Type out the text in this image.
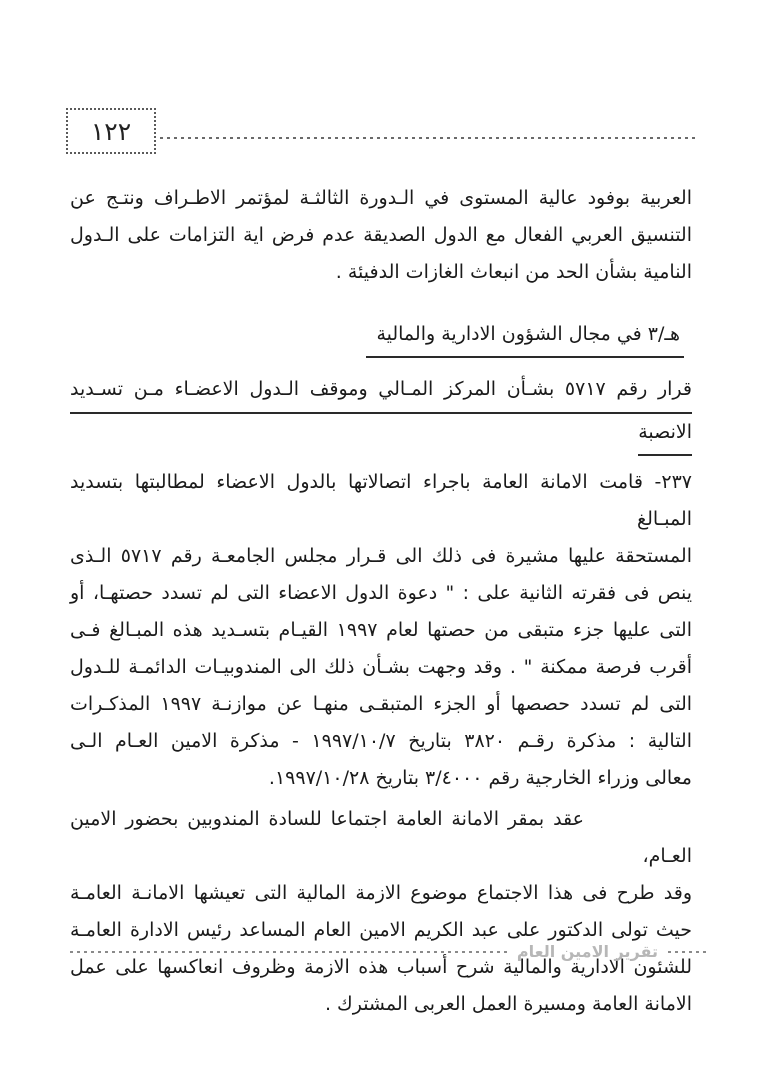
١٢٢
العربية بوفود عالية المستوى في الـدورة الثالثـة لمؤتمر الاطـراف ونتـج عن
التنسيق العربي الفعال مع الدول الصديقة عدم فرض اية التزامات على الـدول
النامية بشأن الحد من انبعاث الغازات الدفيئة .
هـ/٣ في مجال الشؤون الادارية والمالية
قرار رقم ٥٧١٧ بشـأن المركز المـالي وموقف الـدول الاعضـاء مـن تسـديد
الانصبة
٢٣٧- قامت الامانة العامة باجراء اتصالاتها بالدول الاعضاء لمطالبتها بتسديد المبـالغ
المستحقة عليها مشيرة فى ذلك الى قـرار مجلس الجامعـة رقم ٥٧١٧ الـذى
ينص فى فقرته الثانية على : " دعوة الدول الاعضاء التى لم تسدد حصتهـا، أو
التى عليها جزء متبقى من حصتها لعام ١٩٩٧ القيـام بتسـديد هذه المبـالغ فـى
أقرب فرصة ممكنة " . وقد وجهت بشـأن ذلك الى المندوبيـات الدائمـة للـدول
التى لم تسدد حصصها أو الجزء المتبقـى منهـا عن موازنـة ١٩٩٧ المذكـرات
التالية : مذكرة رقـم ٣٨٢٠ بتاريخ ١٩٩٧/١٠/٧ - مذكرة الامين العـام الـى
معالى وزراء الخارجية رقم ٣/٤٠٠٠ بتاريخ ١٩٩٧/١٠/٢٨.
عقد بمقر الامانة العامة اجتماعا للسادة المندوبين بحضور الامين العـام،
وقد طرح فى هذا الاجتماع موضوع الازمة المالية التى تعيشها الامانـة العامـة
حيث تولى الدكتور على عبد الكريم الامين العام المساعد رئيس الادارة العامـة
للشئون الادارية والمالية شرح أسباب هذه الازمة وظروف انعاكسها على عمل
الامانة العامة ومسيرة العمل العربى المشترك .
تقرير الامين العام
